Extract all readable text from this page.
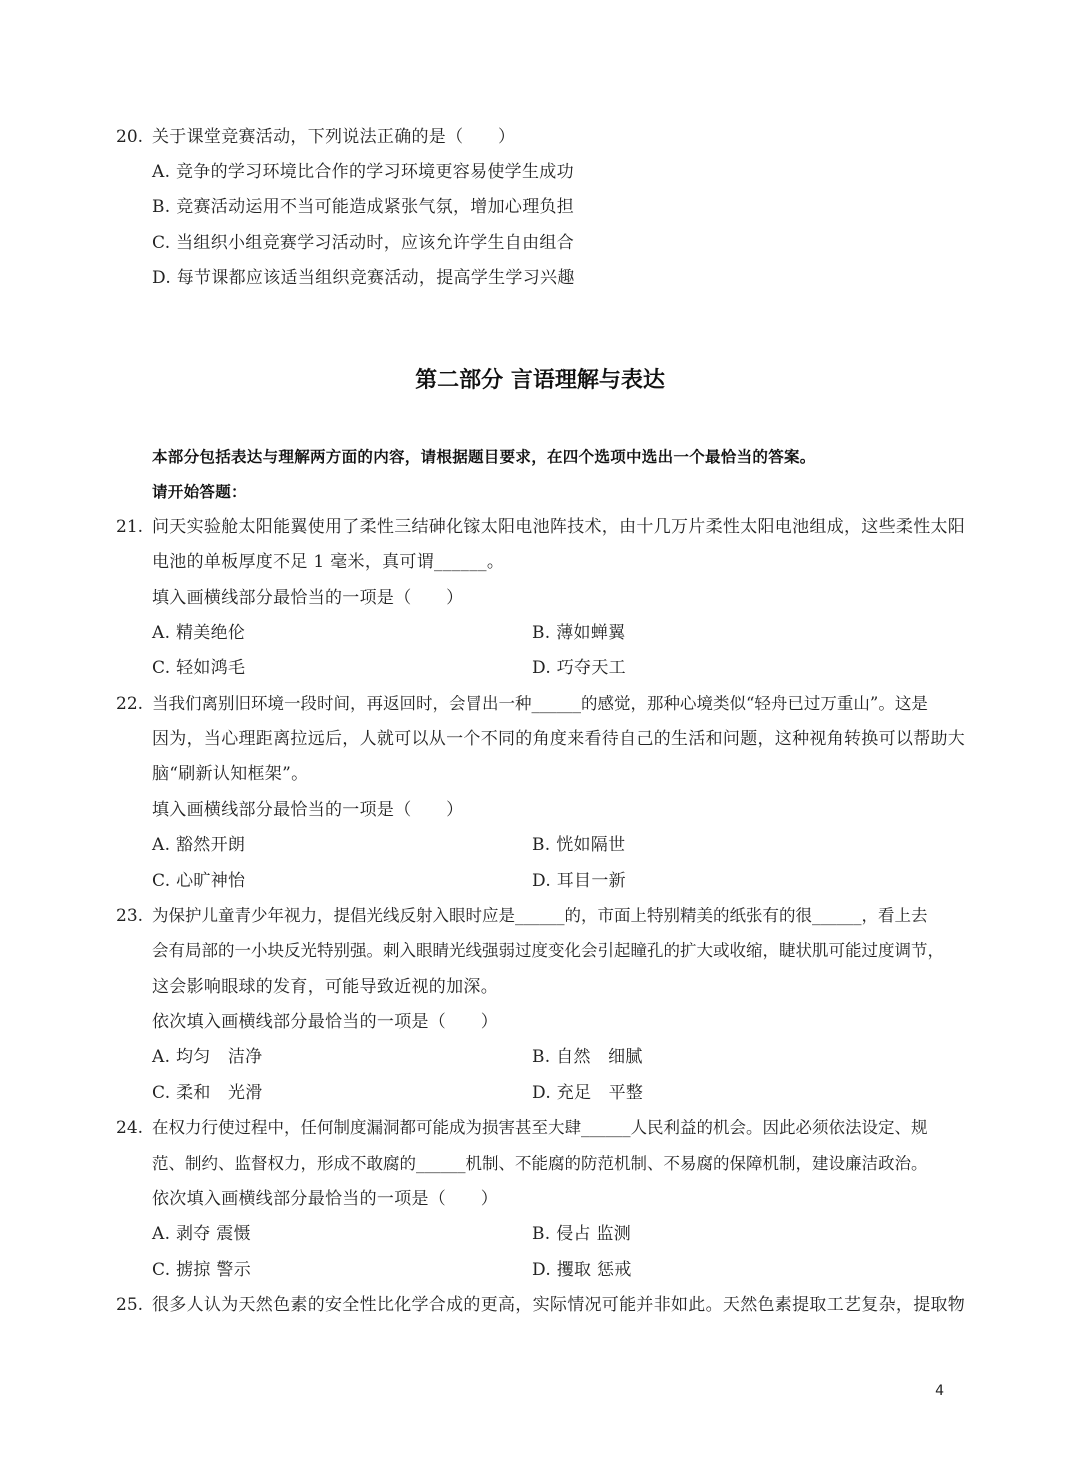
20. 关于课堂竞赛活动，下列说法正确的是（　　）
A. 竞争的学习环境比合作的学习环境更容易使学生成功
B. 竞赛活动运用不当可能造成紧张气氛，增加心理负担
C. 当组织小组竞赛学习活动时，应该允许学生自由组合
D. 每节课都应该适当组织竞赛活动，提高学生学习兴趣
第二部分 言语理解与表达
本部分包括表达与理解两方面的内容，请根据题目要求，在四个选项中选出一个最恰当的答案。
请开始答题：
21. 问天实验舱太阳能翼使用了柔性三结砷化镓太阳电池阵技术，由十几万片柔性太阳电池组成，这些柔性太阳
电池的单板厚度不足 1 毫米，真可谓______。
填入画横线部分最恰当的一项是（　　）
A. 精美绝伦	B. 薄如蝉翼
C. 轻如鸿毛	D. 巧夺天工
22. 当我们离别旧环境一段时间，再返回时，会冒出一种______的感觉，那种心境类似“轻舟已过万重山”。这是
因为，当心理距离拉远后，人就可以从一个不同的角度来看待自己的生活和问题，这种视角转换可以帮助大
脑“刷新认知框架”。
填入画横线部分最恰当的一项是（　　）
A. 豁然开朗	B. 恍如隔世
C. 心旷神怡	D. 耳目一新
23. 为保护儿童青少年视力，提倡光线反射入眼时应是______的，市面上特别精美的纸张有的很______，看上去
会有局部的一小块反光特别强。刺入眼睛光线强弱过度变化会引起瞳孔的扩大或收缩，睫状肌可能过度调节，
这会影响眼球的发育，可能导致近视的加深。
依次填入画横线部分最恰当的一项是（　　）
A. 均匀　洁净	B. 自然　细腻
C. 柔和　光滑	D. 充足　平整
24. 在权力行使过程中，任何制度漏洞都可能成为损害甚至大肆______人民利益的机会。因此必须依法设定、规
范、制约、监督权力，形成不敢腐的______机制、不能腐的防范机制、不易腐的保障机制，建设廉洁政治。
依次填入画横线部分最恰当的一项是（　　）
A. 剥夺 震慑	B. 侵占 监测
C. 掳掠 警示	D. 攫取 惩戒
25. 很多人认为天然色素的安全性比化学合成的更高，实际情况可能并非如此。天然色素提取工艺复杂，提取物
4
